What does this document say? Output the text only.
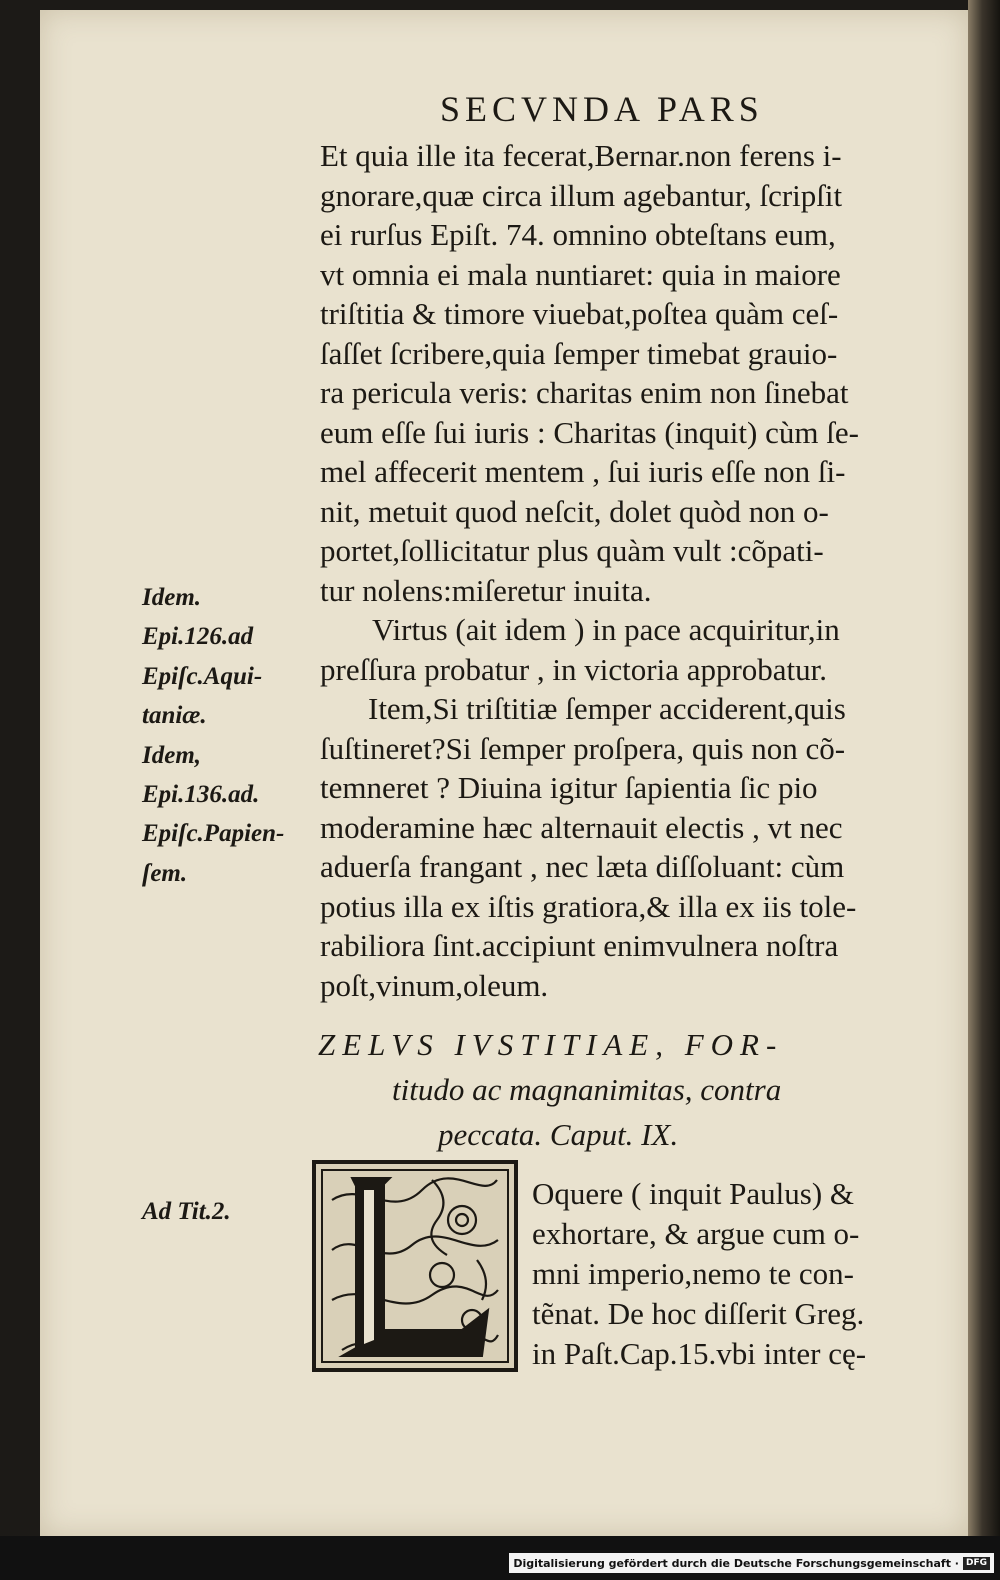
SECVNDA PARS
Et quia ille ita fecerat,Bernar.non ferens i-
gnorare,quæ circa illum agebantur, ſcripſit
ei rurſus Epiſt. 74. omnino obteſtans eum,
vt omnia ei mala nuntiaret: quia in maiore
triſtitia & timore viuebat,poſtea quàm ceſ-
ſaſſet ſcribere,quia ſemper timebat grauio-
ra pericula veris: charitas enim non ſinebat
eum eſſe ſui iuris : Charitas (inquit) cùm ſe-
mel affecerit mentem , ſui iuris eſſe non ſi-
nit, metuit quod neſcit, dolet quòd non o-
portet,ſollicitatur plus quàm vult :cõpati-
tur nolens:miſeretur inuita.
Virtus (ait idem ) in pace acquiritur,in
preſſura probatur , in victoria approbatur.
Item,Si triſtitiæ ſemper acciderent,quis
ſuſtineret?Si ſemper proſpera, quis non cõ-
temneret ? Diuina igitur ſapientia ſic pio
moderamine hæc alternauit electis , vt nec
aduerſa frangant , nec læta diſſoluant: cùm
potius illa ex iſtis gratiora,& illa ex iis tole-
rabiliora ſint.accipiunt enimvulnera noſtra
poſt,vinum,oleum.
Idem.
Epi.126.ad
Epiſc.Aqui-
taniæ.
Idem,
Epi.136.ad.
Epiſc.Papien-
ſem.
ZELVS IVSTITIAE, FOR-
titudo ac magnanimitas, contra
peccata. Caput. IX.
Ad Tit.2.
Oquere ( inquit Paulus) &
exhortare, & argue cum o-
mni imperio,nemo te con-
tẽnat. De hoc diſſerit Greg.
in Paſt.Cap.15.vbi inter cę-
Digitalisierung gefördert durch die Deutsche Forschungsgemeinschaft · DFG
